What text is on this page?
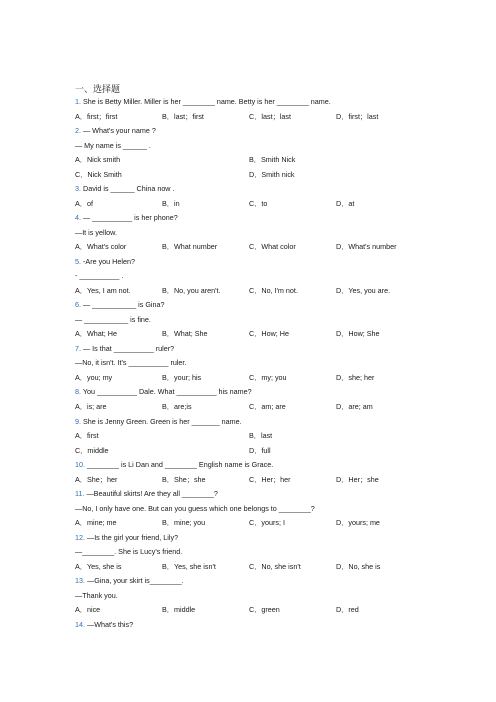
一、选择题
1. She is Betty Miller. Miller is her ________ name. Betty is her ________ name.
A．first；first	B．last；first	C．last；last	D．first；last
2. — What's your name ?
— My name is ______ .
A．Nick smith	B．Smith Nick
C．Nick Smith	D．Smith nick
3. David is ______ China now .
A．of	B．in	C．to	D．at
4. — __________ is her phone?
—It is yellow.
A．What's color	B．What number	C．What color	D．What's number
5. -Are you Helen?
- __________ .
A．Yes, I am not.	B．No, you aren't.	C．No, I'm not.	D．Yes, you are.
6. — ___________ is Gina?
— ___________ is fine.
A．What; He	B．What; She	C．How; He	D．How; She
7. — Is that __________ ruler?
—No, it isn't. It's __________ ruler.
A．you; my	B．your; his	C．my; you	D．she; her
8. You __________ Dale. What __________ his name?
A．is; are	B．are;is	C．am; are	D．are; am
9. She is Jenny Green. Green is her _______ name.
A．first	B．last
C．middle	D．full
10. ________ is Li Dan and ________ English name is Grace.
A．She；her	B．She；she	C．Her；her	D．Her；she
11. —Beautiful skirts! Are they all ________?
—No, I only have one. But can you guess which one belongs to ________?
A．mine; me	B．mine; you	C．yours; I	D．yours; me
12. —Is the girl your friend, Lily?
—________. She is Lucy's friend.
A．Yes, she is	B．Yes, she isn't	C．No, she isn't	D．No, she is
13. —Gina, your skirt is________.
—Thank you.
A．nice	B．middle	C．green	D．red
14. —What's this?
